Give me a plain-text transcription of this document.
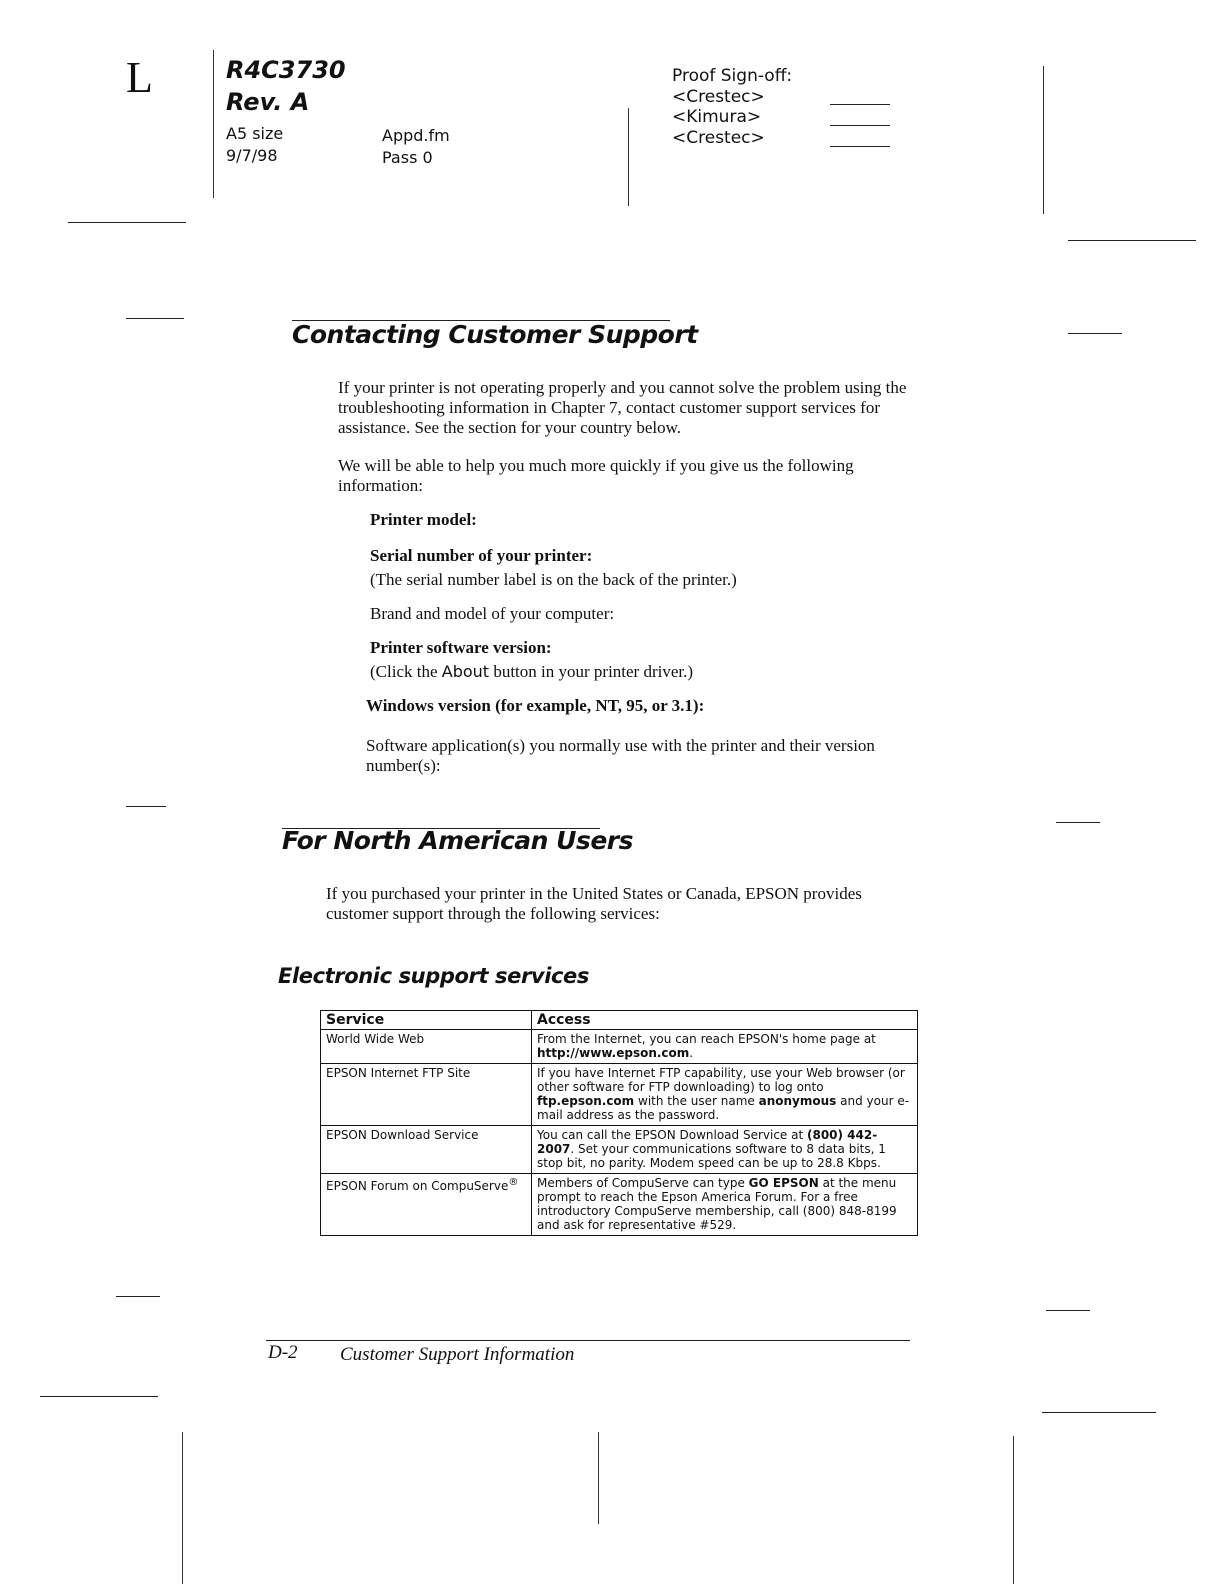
L	R4C3730
Rev. A
A5 size
9/7/98
Appd.fm
Pass 0
Proof Sign-off:
<Crestec>
<Kimura>
<Crestec>
Contacting Customer Support
If your printer is not operating properly and you cannot solve the problem using the troubleshooting information in Chapter 7, contact customer support services for assistance. See the section for your country below.
We will be able to help you much more quickly if you give us the following information:
Printer model:
Serial number of your printer:
(The serial number label is on the back of the printer.)
Brand and model of your computer:
Printer software version:
(Click the About button in your printer driver.)
Windows version (for example, NT, 95, or 3.1):
Software application(s) you normally use with the printer and their version number(s):
For North American Users
If you purchased your printer in the United States or Canada, EPSON provides customer support through the following services:
Electronic support services
Service	Access
World Wide Web	From the Internet, you can reach EPSON's home page at http://www.epson.com.
EPSON Internet FTP Site	If you have Internet FTP capability, use your Web browser (or other software for FTP downloading) to log onto ftp.epson.com with the user name anonymous and your e-mail address as the password.
EPSON Download Service	You can call the EPSON Download Service at (800) 442-2007. Set your communications software to 8 data bits, 1 stop bit, no parity. Modem speed can be up to 28.8 Kbps.
EPSON Forum on CompuServe®	Members of CompuServe can type GO EPSON at the menu prompt to reach the Epson America Forum. For a free introductory CompuServe membership, call (800) 848-8199 and ask for representative #529.
D-2 Customer Support Information
